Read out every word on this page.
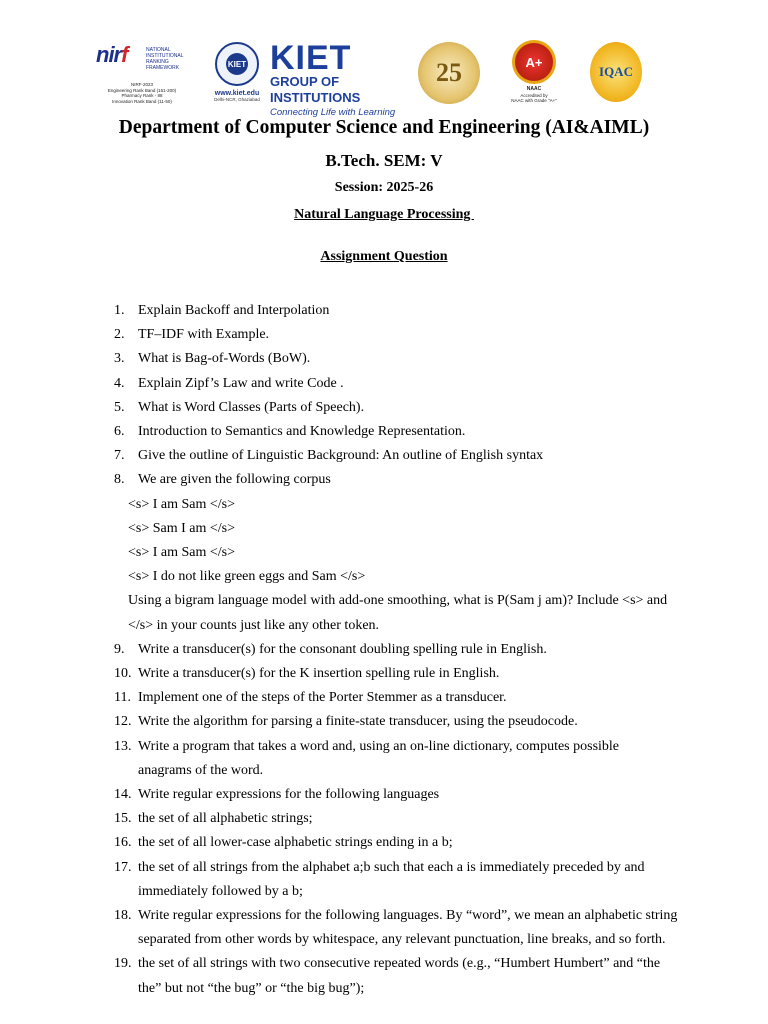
nirf	NATIONAL
INSTITUTIONAL
RANKING
FRAMEWORK
NIRF-2023
Engineering Rank Band (151-200)
Pharmacy Rank - 88
Innovation Rank Band (11-50)
KIET
www.kiet.edu
Delhi-NCR, Ghaziabad
KIET
GROUP OF INSTITUTIONS
Connecting Life with Learning
25	A+
NAAC
Accredited by
NAAC with Grade "A+"
IQAC
Department of Computer Science and Engineering (AI&AIML)
B.Tech. SEM: V
Session: 2025-26
Natural Language Processing
Assignment Question
1. Explain Backoff and Interpolation
2. TF–IDF with Example.
3. What is Bag-of-Words (BoW).
4. Explain Zipf’s Law and write Code .
5. What is Word Classes (Parts of Speech).
6. Introduction to Semantics and Knowledge Representation.
7. Give the outline of Linguistic Background: An outline of English syntax
8. We are given the following corpus
<s> I am Sam </s>
<s> Sam I am </s>
<s> I am Sam </s>
<s> I do not like green eggs and Sam </s>
Using a bigram language model with add-one smoothing, what is P(Sam j am)? Include <s> and
</s> in your counts just like any other token.
9. Write a transducer(s) for the consonant doubling spelling rule in English.
10. Write a transducer(s) for the K insertion spelling rule in English.
11. Implement one of the steps of the Porter Stemmer as a transducer.
12. Write the algorithm for parsing a finite-state transducer, using the pseudocode.
13. Write a program that takes a word and, using an on-line dictionary, computes possible
anagrams of the word.
14. Write regular expressions for the following languages
15. the set of all alphabetic strings;
16. the set of all lower-case alphabetic strings ending in a b;
17. the set of all strings from the alphabet a;b such that each a is immediately preceded by and
immediately followed by a b;
18. Write regular expressions for the following languages. By “word”, we mean an alphabetic string
separated from other words by whitespace, any relevant punctuation, line breaks, and so forth.
19. the set of all strings with two consecutive repeated words (e.g., “Humbert Humbert” and “the
the” but not “the bug” or “the big bug”);
